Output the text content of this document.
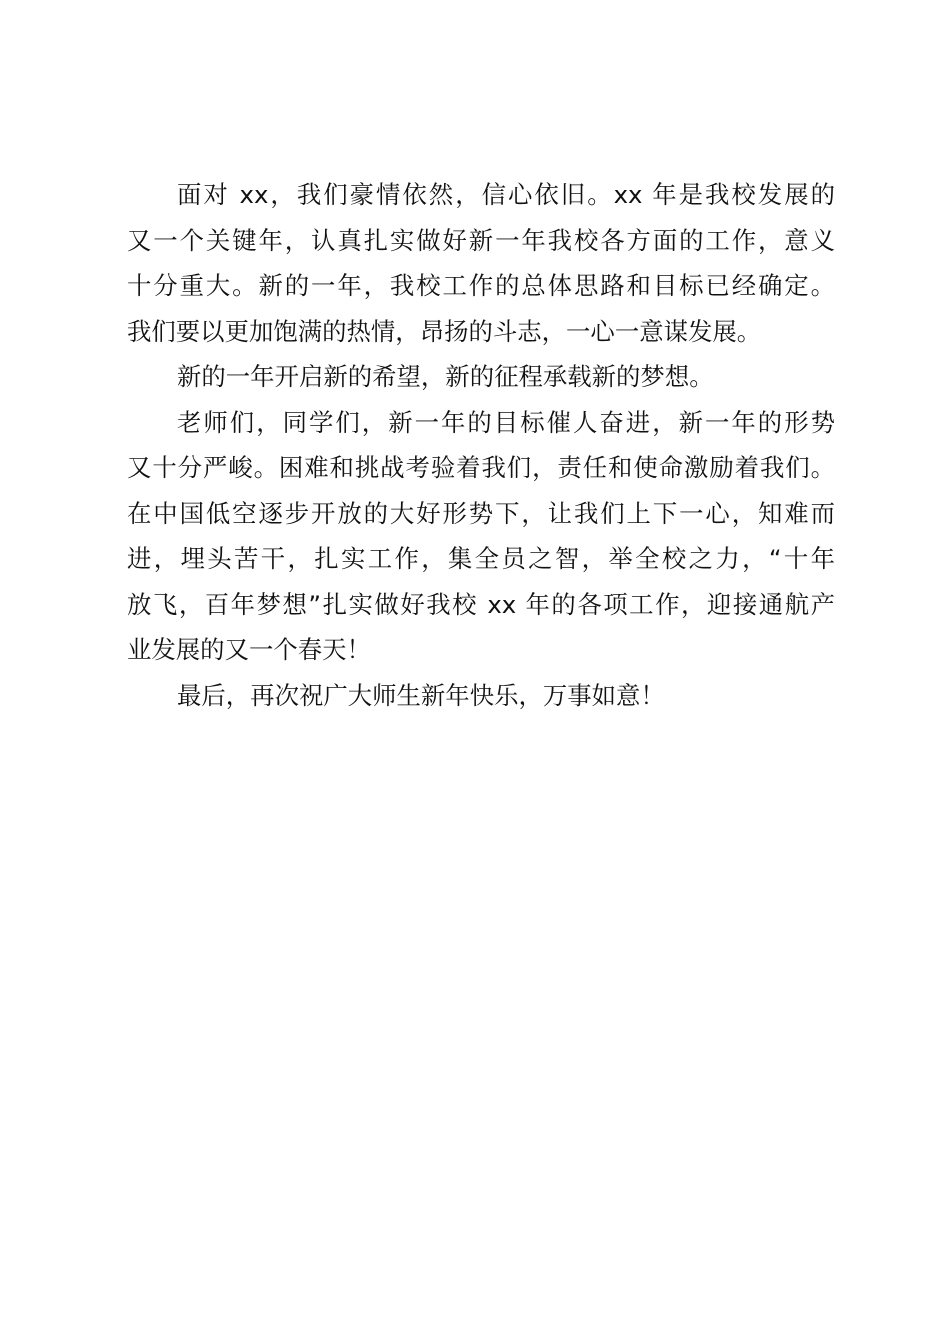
面对 xx，我们豪情依然，信心依旧。xx 年是我校发展的
又一个关键年，认真扎实做好新一年我校各方面的工作，意义
十分重大。新的一年，我校工作的总体思路和目标已经确定。
我们要以更加饱满的热情，昂扬的斗志，一心一意谋发展。
新的一年开启新的希望，新的征程承载新的梦想。
老师们，同学们，新一年的目标催人奋进，新一年的形势
又十分严峻。困难和挑战考验着我们，责任和使命激励着我们。
在中国低空逐步开放的大好形势下，让我们上下一心，知难而
进，埋头苦干，扎实工作，集全员之智，举全校之力，“十年
放飞，百年梦想”扎实做好我校 xx 年的各项工作，迎接通航产
业发展的又一个春天！
最后，再次祝广大师生新年快乐，万事如意！
